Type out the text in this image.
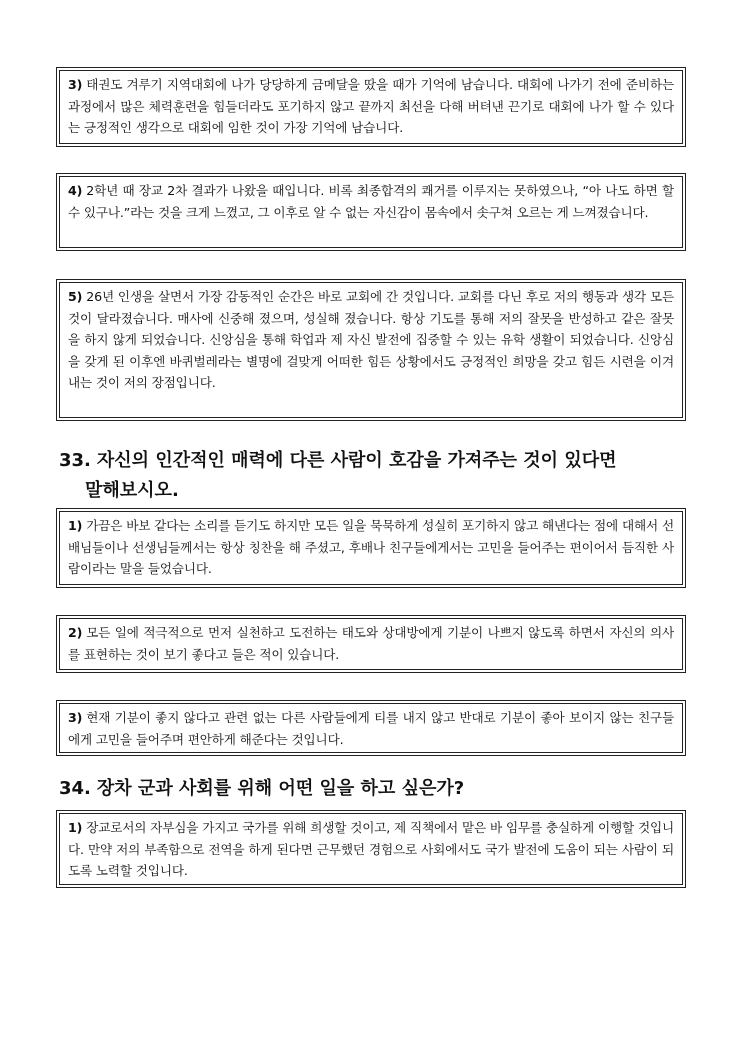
3) 태권도 겨루기 지역대회에 나가 당당하게 금메달을 땄을 때가 기억에 남습니다. 대회에 나가기 전에 준비하는 과정에서 많은 체력훈련을 힘들더라도 포기하지 않고 끝까지 최선을 다해 버텨낸 끈기로 대회에 나가 할 수 있다는 긍정적인 생각으로 대회에 임한 것이 가장 기억에 남습니다.
4) 2학년 때 장교 2차 결과가 나왔을 때입니다. 비록 최종합격의 쾌거를 이루지는 못하였으나, “아 나도 하면 할 수 있구나.”라는 것을 크게 느꼈고, 그 이후로 알 수 없는 자신감이 몸속에서 솟구쳐 오르는 게 느껴졌습니다.
5) 26년 인생을 살면서 가장 감동적인 순간은 바로 교회에 간 것입니다. 교회를 다닌 후로 저의 행동과 생각 모든 것이 달라졌습니다. 매사에 신중해 졌으며, 성실해 졌습니다. 항상 기도를 통해 저의 잘못을 반성하고 같은 잘못을 하지 않게 되었습니다. 신앙심을 통해 학업과 제 자신 발전에 집중할 수 있는 유학 생활이 되었습니다. 신앙심을 갖게 된 이후엔 바퀴벌레라는 별명에 걸맞게 어떠한 힘든 상황에서도 긍정적인 희망을 갖고 힘든 시련을 이겨내는 것이 저의 장점입니다.
33. 자신의 인간적인 매력에 다른 사람이 호감을 가져주는 것이 있다면
말해보시오.
1) 가끔은 바보 같다는 소리를 듣기도 하지만 모든 일을 묵묵하게 성실히 포기하지 않고 해낸다는 점에 대해서 선배님들이나 선생님들께서는 항상 칭찬을 해 주셨고, 후배나 친구들에게서는 고민을 들어주는 편이어서 듬직한 사람이라는 말을 들었습니다.
2) 모든 일에 적극적으로 먼저 실천하고 도전하는 태도와 상대방에게 기분이 나쁘지 않도록 하면서 자신의 의사를 표현하는 것이 보기 좋다고 들은 적이 있습니다.
3) 현재 기분이 좋지 않다고 관련 없는 다른 사람들에게 티를 내지 않고 반대로 기분이 좋아 보이지 않는 친구들에게 고민을 들어주며 편안하게 해준다는 것입니다.
34. 장차 군과 사회를 위해 어떤 일을 하고 싶은가?
1) 장교로서의 자부심을 가지고 국가를 위해 희생할 것이고, 제 직책에서 맡은 바 임무를 충실하게 이행할 것입니다. 만약 저의 부족함으로 전역을 하게 된다면 근무했던 경험으로 사회에서도 국가 발전에 도움이 되는 사람이 되도록 노력할 것입니다.
